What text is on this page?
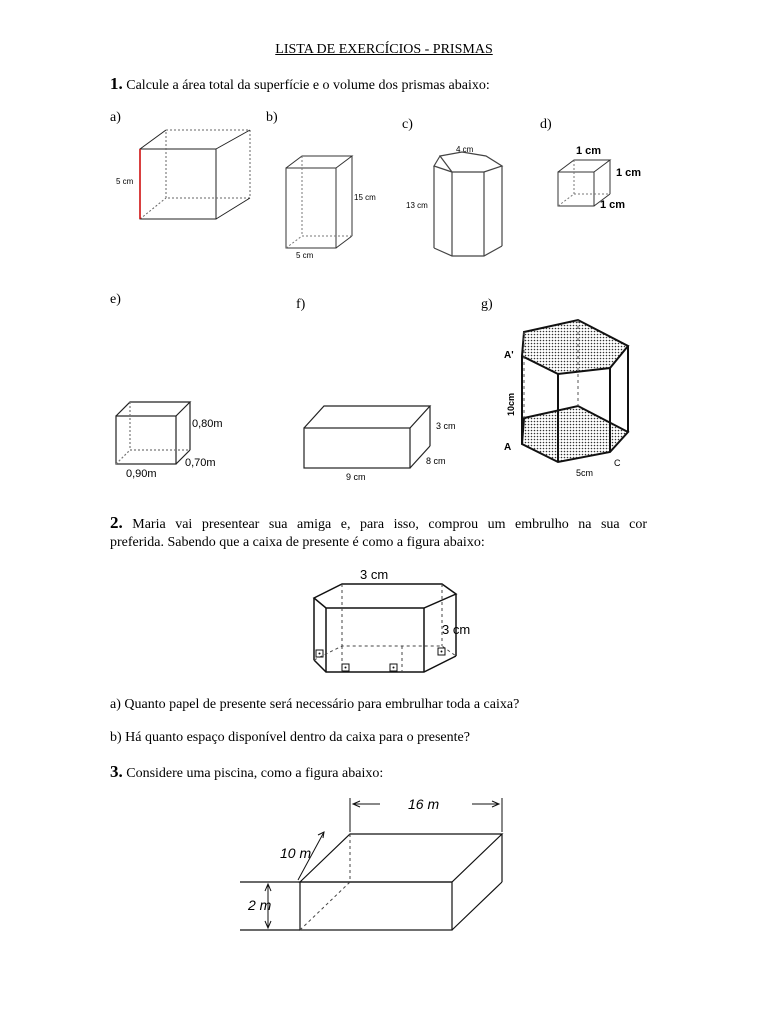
LISTA DE EXERCÍCIOS - PRISMAS
1. Calcule a área total da superfície e o volume dos prismas abaixo:
a)	b)	c)	d)
e)	f)	g)
5 cm
15 cm
5 cm
4 cm
13 cm
1 cm
1 cm
1 cm
0,80m
0,70m
0,90m
3 cm
8 cm
9 cm
A'
A
10cm
5cm
C
2. Maria vai presentear sua amiga e, para isso, comprou um embrulho na sua cor
preferida. Sabendo que a caixa de presente é como a figura abaixo:
3 cm
3 cm
a) Quanto papel de presente será necessário para embrulhar toda a caixa?
b) Há quanto espaço disponível dentro da caixa para o presente?
3. Considere uma piscina, como a figura abaixo:
16 m
10 m
2 m
